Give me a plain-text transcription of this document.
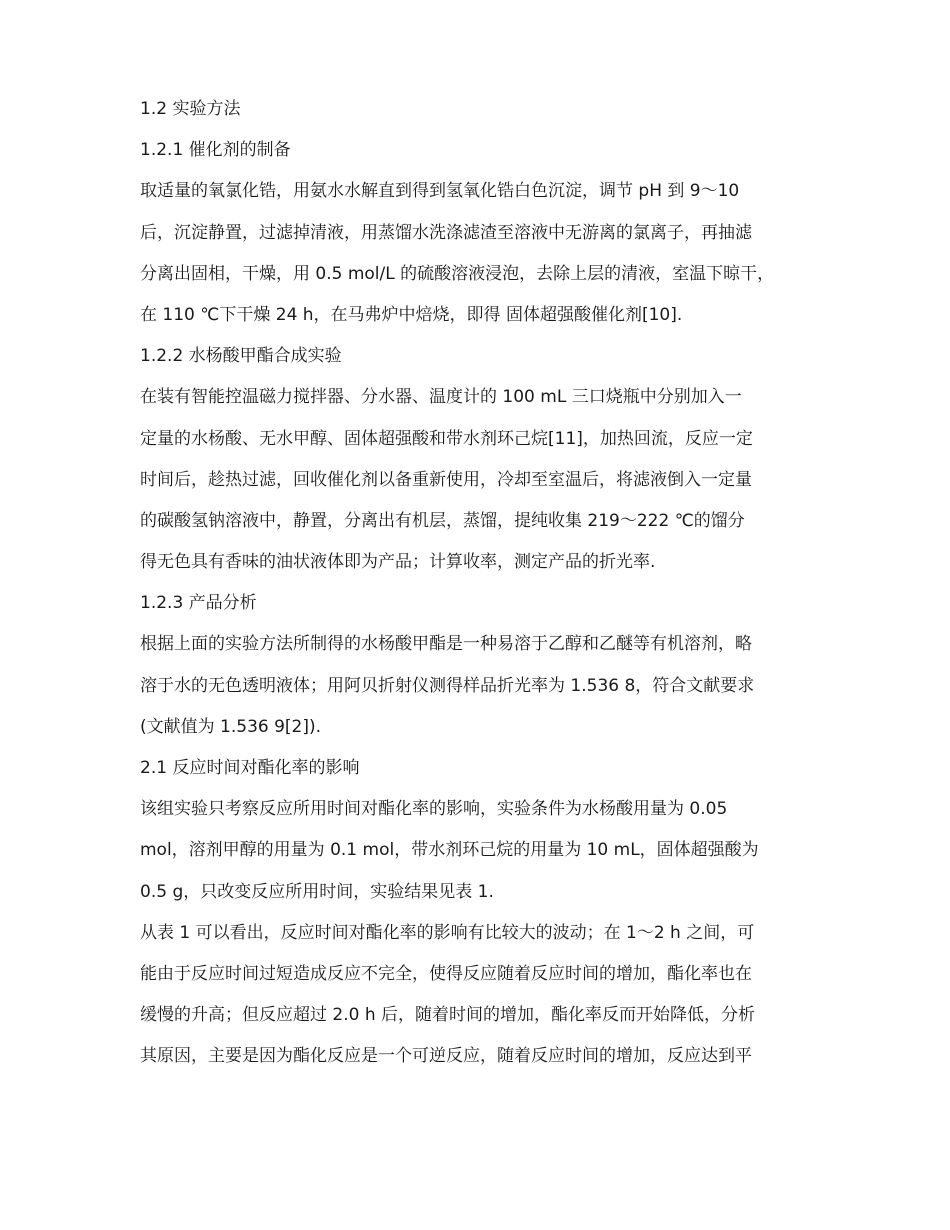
1.2 实验方法
1.2.1 催化剂的制备
取适量的氧氯化锆，用氨水水解直到得到氢氧化锆白色沉淀，调节 pH 到 9～10
后，沉淀静置，过滤掉清液，用蒸馏水洗涤滤渣至溶液中无游离的氯离子，再抽滤
分离出固相，干燥，用 0.5 mol/L 的硫酸溶液浸泡，去除上层的清液，室温下晾干，
在 110 ℃下干燥 24 h，在马弗炉中焙烧，即得 固体超强酸催化剂[10].
1.2.2 水杨酸甲酯合成实验
在装有智能控温磁力搅拌器、分水器、温度计的 100 mL 三口烧瓶中分别加入一
定量的水杨酸、无水甲醇、固体超强酸和带水剂环己烷[11]，加热回流，反应一定
时间后，趁热过滤，回收催化剂以备重新使用，冷却至室温后，将滤液倒入一定量
的碳酸氢钠溶液中，静置，分离出有机层，蒸馏，提纯收集 219～222 ℃的馏分
得无色具有香味的油状液体即为产品；计算收率，测定产品的折光率.
1.2.3 产品分析
根据上面的实验方法所制得的水杨酸甲酯是一种易溶于乙醇和乙醚等有机溶剂，略
溶于水的无色透明液体；用阿贝折射仪测得样品折光率为 1.536 8，符合文献要求
(文献值为 1.536 9[2]).
2.1 反应时间对酯化率的影响
该组实验只考察反应所用时间对酯化率的影响，实验条件为水杨酸用量为 0.05
mol，溶剂甲醇的用量为 0.1 mol，带水剂环己烷的用量为 10 mL，固体超强酸为
0.5 g，只改变反应所用时间，实验结果见表 1.
从表 1 可以看出，反应时间对酯化率的影响有比较大的波动；在 1～2 h 之间，可
能由于反应时间过短造成反应不完全，使得反应随着反应时间的增加，酯化率也在
缓慢的升高；但反应超过 2.0 h 后，随着时间的增加，酯化率反而开始降低，分析
其原因，主要是因为酯化反应是一个可逆反应，随着反应时间的增加，反应达到平
